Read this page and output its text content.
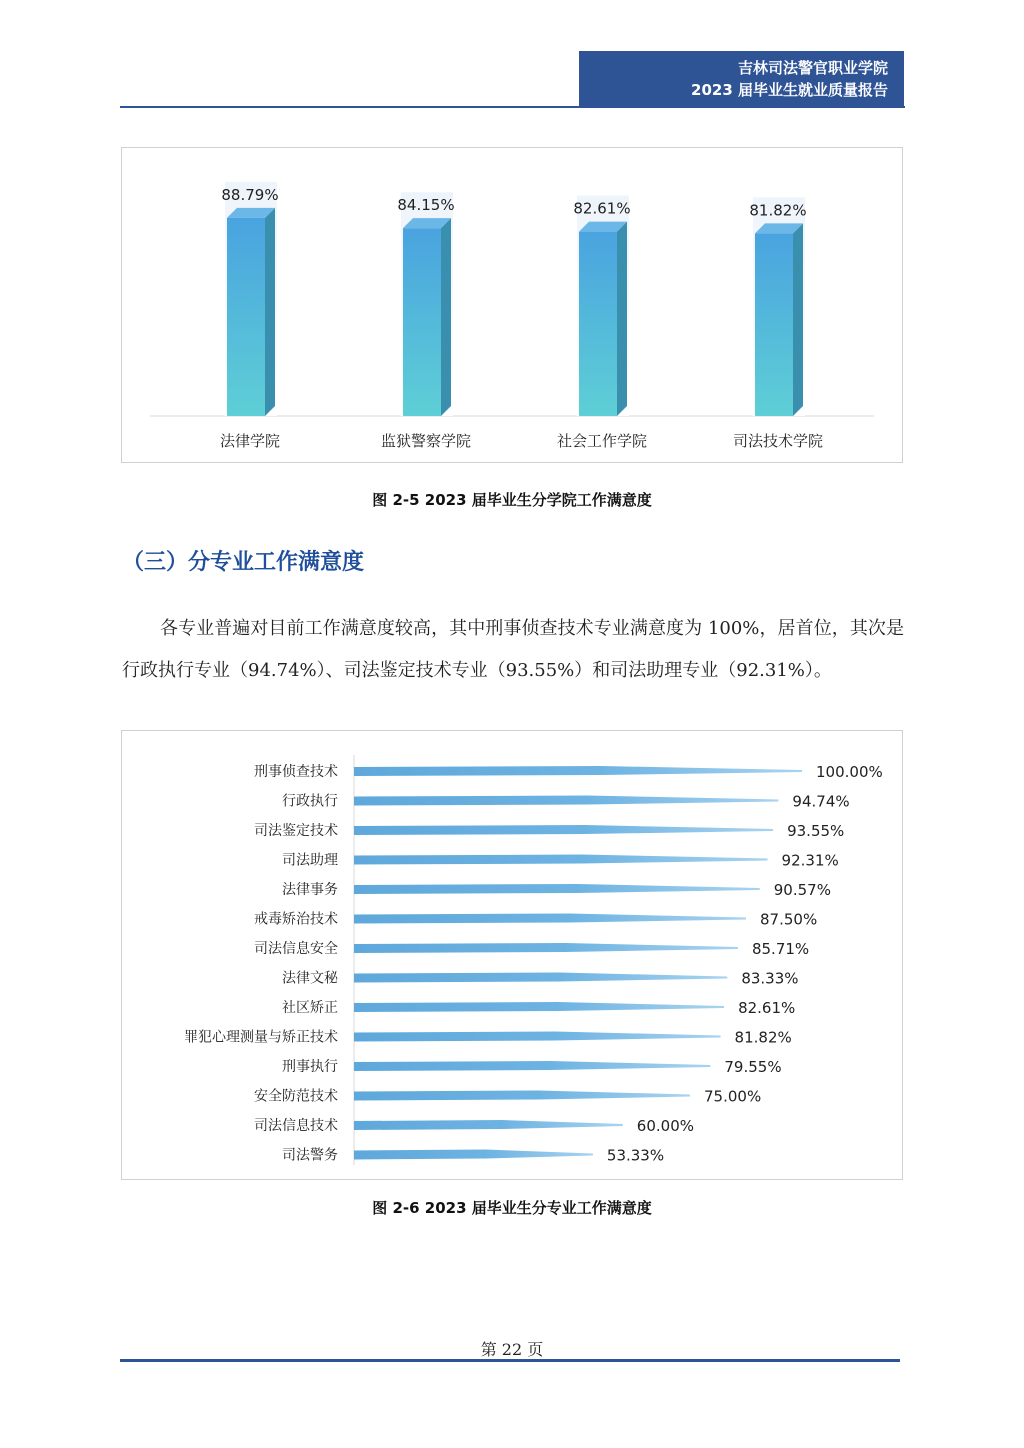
吉林司法警官职业学院
2023 届毕业生就业质量报告
88.79%
法律学院
84.15%
监狱警察学院
82.61%
社会工作学院
81.82%
司法技术学院
图 2-5 2023 届毕业生分学院工作满意度
（三）分专业工作满意度

各专业普遍对目前工作满意度较高，其中刑事侦查技术专业满意度为 100%，居首位，其次是行政执行专业（94.74%）、司法鉴定技术专业（93.55%）和司法助理专业（92.31%）。

刑事侦查技术	100.00%
行政执行	94.74%
司法鉴定技术	93.55%
司法助理	92.31%
法律事务	90.57%
戒毒矫治技术	87.50%
司法信息安全	85.71%
法律文秘	83.33%
社区矫正	82.61%
罪犯心理测量与矫正技术	81.82%
刑事执行	79.55%
安全防范技术	75.00%
司法信息技术	60.00%
司法警务	53.33%
图 2-6 2023 届毕业生分专业工作满意度
第 22 页
